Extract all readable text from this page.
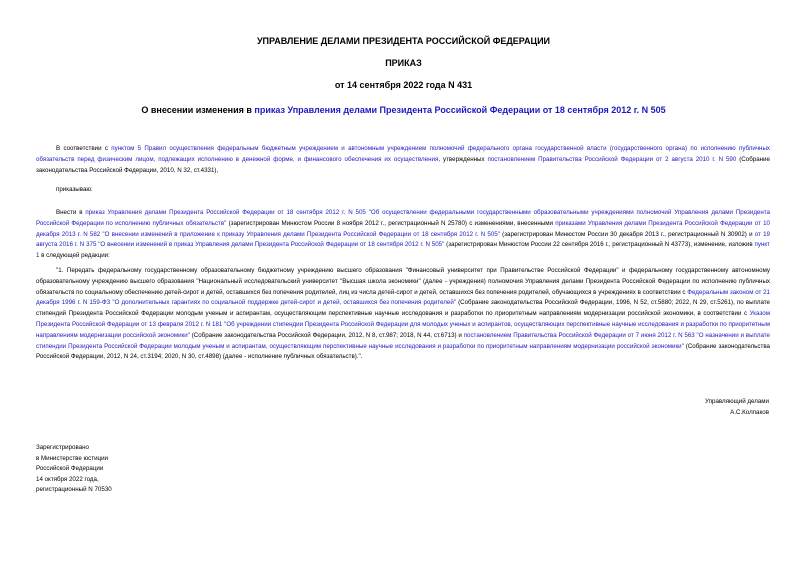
УПРАВЛЕНИЕ ДЕЛАМИ ПРЕЗИДЕНТА РОССИЙСКОЙ ФЕДЕРАЦИИ
ПРИКАЗ
от 14 сентября 2022 года N 431
О внесении изменения в приказ Управления делами Президента Российской Федерации от 18 сентября 2012 г. N 505

В соответствии с пунктом 5 Правил осуществления федеральным бюджетным учреждением и автономным учреждением полномочий федерального органа государственной власти (государственного органа) по исполнению публичных обязательств перед физическим лицом, подлежащих исполнению в денежной форме, и финансового обеспечения их осуществления, утвержденных постановлением Правительства Российской Федерации от 2 августа 2010 г. N 590 (Собрание законодательства Российской Федерации, 2010, N 32, ст.4331),

приказываю:

Внести в приказ Управления делами Президента Российской Федерации от 18 сентября 2012 г. N 505 "Об осуществлении федеральными государственными образовательными учреждениями полномочий Управления делами Президента Российской Федерации по исполнению публичных обязательств" (зарегистрирован Минюстом России 8 ноября 2012 г., регистрационный N 25780) с изменениями, внесенными приказами Управления делами Президента Российской Федерации от 10 декабря 2013 г. N 582 "О внесении изменений в приложение к приказу Управления делами Президента Российской Федерации от 18 сентября 2012 г. N 505" (зарегистрирован Минюстом России 30 декабря 2013 г., регистрационный N 30902) и от 19 августа 2016 г. N 375 "О внесении изменений в приказ Управления делами Президента Российской Федерации от 18 сентября 2012 г. N 505" (зарегистрирован Минюстом России 22 сентября 2016 г., регистрационный N 43773), изменение, изложив пункт 1 в следующей редакции:

"1. Передать федеральному государственному образовательному бюджетному учреждению высшего образования "Финансовый университет при Правительстве Российской Федерации" и федеральному государственному автономному образовательному учреждению высшего образования "Национальный исследовательский университет "Высшая школа экономики" (далее - учреждения) полномочия Управления делами Президента Российской Федерации по исполнению публичных обязательств по социальному обеспечению детей-сирот и детей, оставшихся без попечения родителей, лиц из числа детей-сирот и детей, оставшихся без попечения родителей, обучающихся в учреждениях в соответствии с Федеральным законом от 21 декабря 1996 г. N 159-ФЗ "О дополнительных гарантиях по социальной поддержке детей-сирот и детей, оставшихся без попечения родителей" (Собрание законодательства Российской Федерации, 1996, N 52, ст.5880; 2022, N 29, ст.5261), по выплате стипендий Президента Российской Федерации молодым ученым и аспирантам, осуществляющим перспективные научные исследования и разработки по приоритетным направлениям модернизации российской экономики, в соответствии с Указом Президента Российской Федерации от 13 февраля 2012 г. N 181 "Об учреждении стипендии Президента Российской Федерации для молодых ученых и аспирантов, осуществляющих перспективные научные исследования и разработки по приоритетным направлениям модернизации российской экономики" (Собрание законодательства Российской Федерации, 2012, N 8, ст.987; 2018, N 44, ст.6713) и постановлением Правительства Российской Федерации от 7 июня 2012 г. N 563 "О назначении и выплате стипендии Президента Российской Федерации молодым ученым и аспирантам, осуществляющим перспективные научные исследования и разработки по приоритетным направлениям модернизации российской экономики" (Собрание законодательства Российской Федерации, 2012, N 24, ст.3194; 2020, N 30, ст.4898) (далее - исполнение публичных обязательств).".

Управляющий делами
А.С.Колпаков
Зарегистрировано
в Министерстве юстиции
Российской Федерации
14 октября 2022 года,
регистрационный N 70530
